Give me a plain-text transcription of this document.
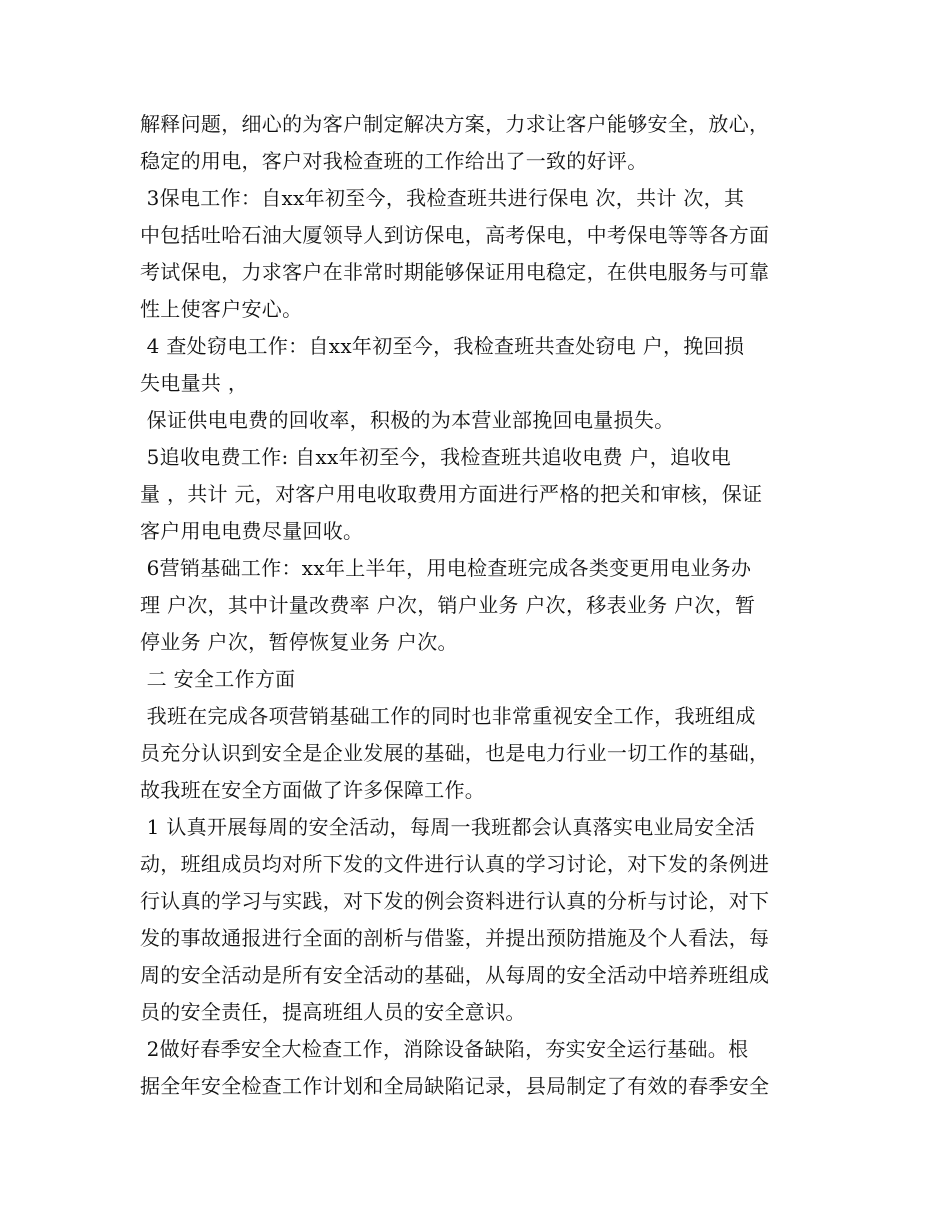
解释问题，细心的为客户制定解决方案，力求让客户能够安全，放心，
稳定的用电，客户对我检查班的工作给出了一致的好评。
3保电工作：自xx年初至今，我检查班共进行保电 次，共计 次，其
中包括吐哈石油大厦领导人到访保电，高考保电，中考保电等等各方面
考试保电，力求客户在非常时期能够保证用电稳定，在供电服务与可靠
性上使客户安心。
4 查处窃电工作：自xx年初至今，我检查班共查处窃电 户，挽回损
失电量共 ，
保证供电电费的回收率，积极的为本营业部挽回电量损失。
5追收电费工作: 自xx年初至今，我检查班共追收电费 户，追收电
量 ，共计 元，对客户用电收取费用方面进行严格的把关和审核，保证
客户用电电费尽量回收。
6营销基础工作：xx年上半年，用电检查班完成各类变更用电业务办
理 户次，其中计量改费率 户次，销户业务 户次，移表业务 户次，暂
停业务 户次，暂停恢复业务 户次。
二 安全工作方面
我班在完成各项营销基础工作的同时也非常重视安全工作，我班组成
员充分认识到安全是企业发展的基础，也是电力行业一切工作的基础，
故我班在安全方面做了许多保障工作。
1 认真开展每周的安全活动，每周一我班都会认真落实电业局安全活
动，班组成员均对所下发的文件进行认真的学习讨论，对下发的条例进
行认真的学习与实践，对下发的例会资料进行认真的分析与讨论，对下
发的事故通报进行全面的剖析与借鉴，并提出预防措施及个人看法，每
周的安全活动是所有安全活动的基础，从每周的安全活动中培养班组成
员的安全责任，提高班组人员的安全意识。
2做好春季安全大检查工作，消除设备缺陷，夯实安全运行基础。根
据全年安全检查工作计划和全局缺陷记录，县局制定了有效的春季安全
